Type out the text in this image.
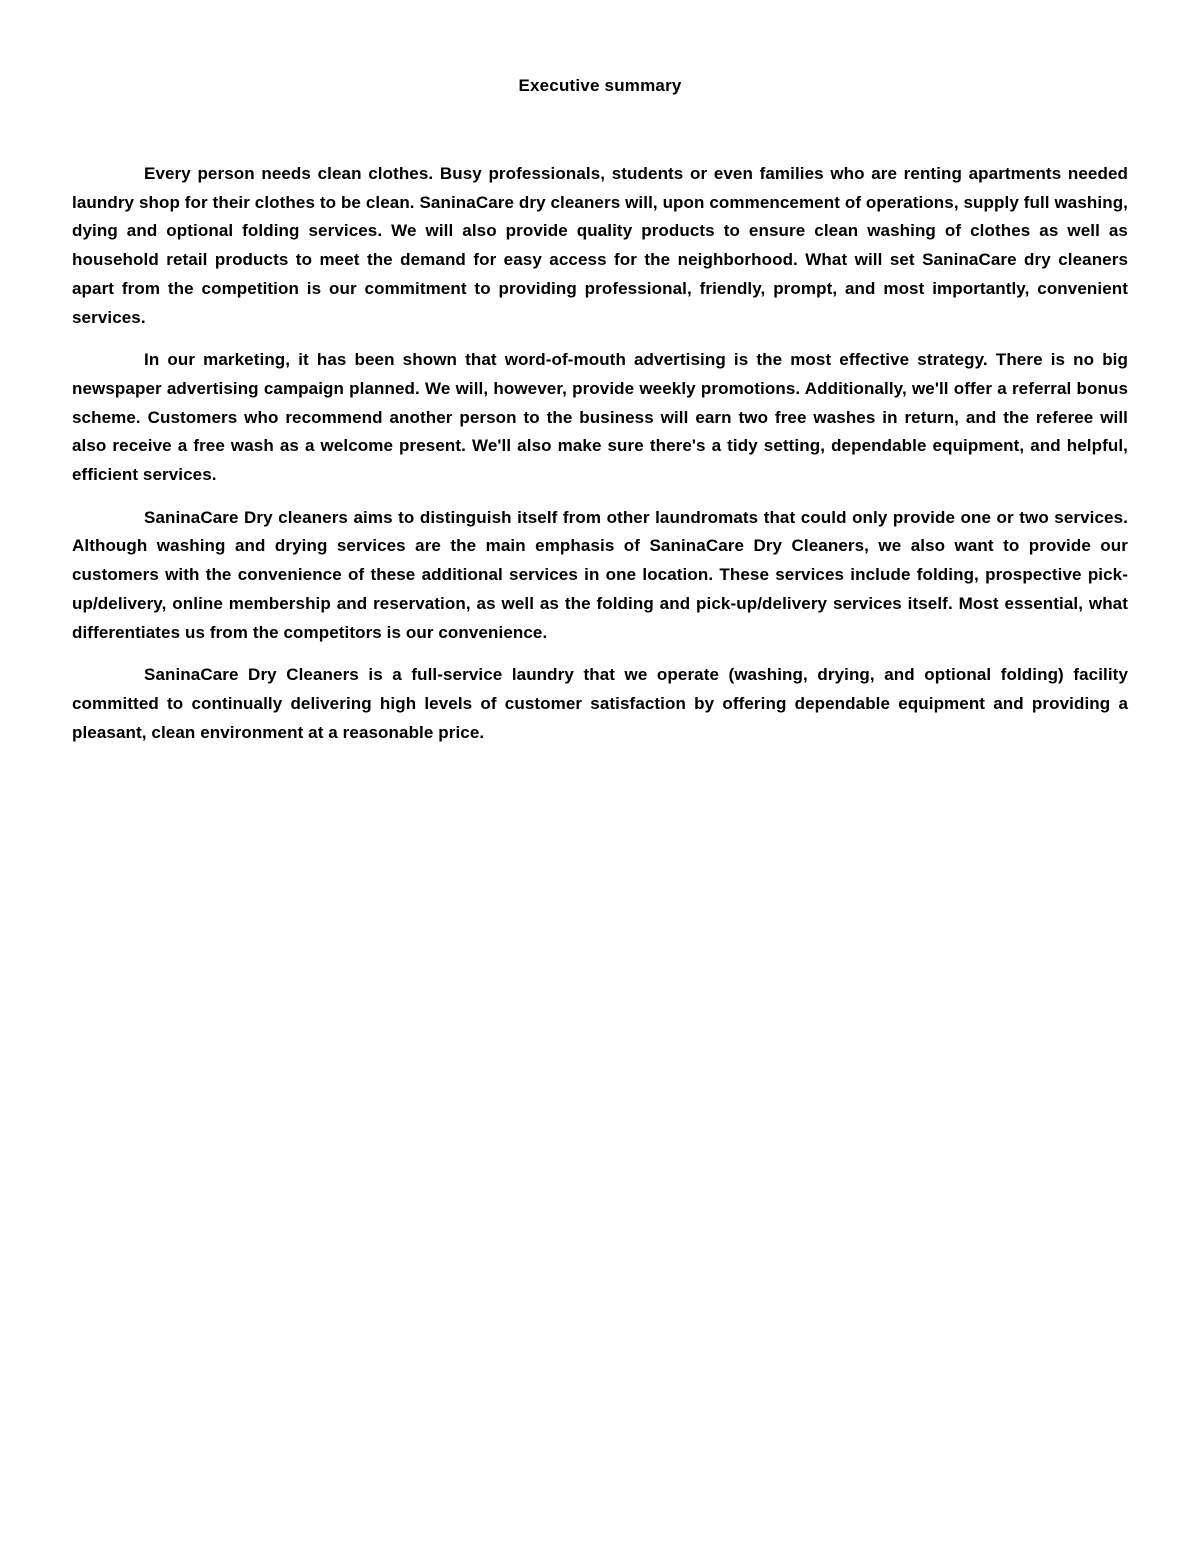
Executive summary

Every person needs clean clothes. Busy professionals, students or even families who are renting apartments needed laundry shop for their clothes to be clean. SaninaCare dry cleaners will, upon commencement of operations, supply full washing, dying and optional folding services. We will also provide quality products to ensure clean washing of clothes as well as household retail products to meet the demand for easy access for the neighborhood. What will set SaninaCare dry cleaners apart from the competition is our commitment to providing professional, friendly, prompt, and most importantly, convenient services.

In our marketing, it has been shown that word-of-mouth advertising is the most effective strategy. There is no big newspaper advertising campaign planned. We will, however, provide weekly promotions. Additionally, we'll offer a referral bonus scheme. Customers who recommend another person to the business will earn two free washes in return, and the referee will also receive a free wash as a welcome present. We'll also make sure there's a tidy setting, dependable equipment, and helpful, efficient services.

SaninaCare Dry cleaners aims to distinguish itself from other laundromats that could only provide one or two services. Although washing and drying services are the main emphasis of SaninaCare Dry Cleaners, we also want to provide our customers with the convenience of these additional services in one location. These services include folding, prospective pick-up/delivery, online membership and reservation, as well as the folding and pick-up/delivery services itself. Most essential, what differentiates us from the competitors is our convenience.

SaninaCare Dry Cleaners is a full-service laundry that we operate (washing, drying, and optional folding) facility committed to continually delivering high levels of customer satisfaction by offering dependable equipment and providing a pleasant, clean environment at a reasonable price.
